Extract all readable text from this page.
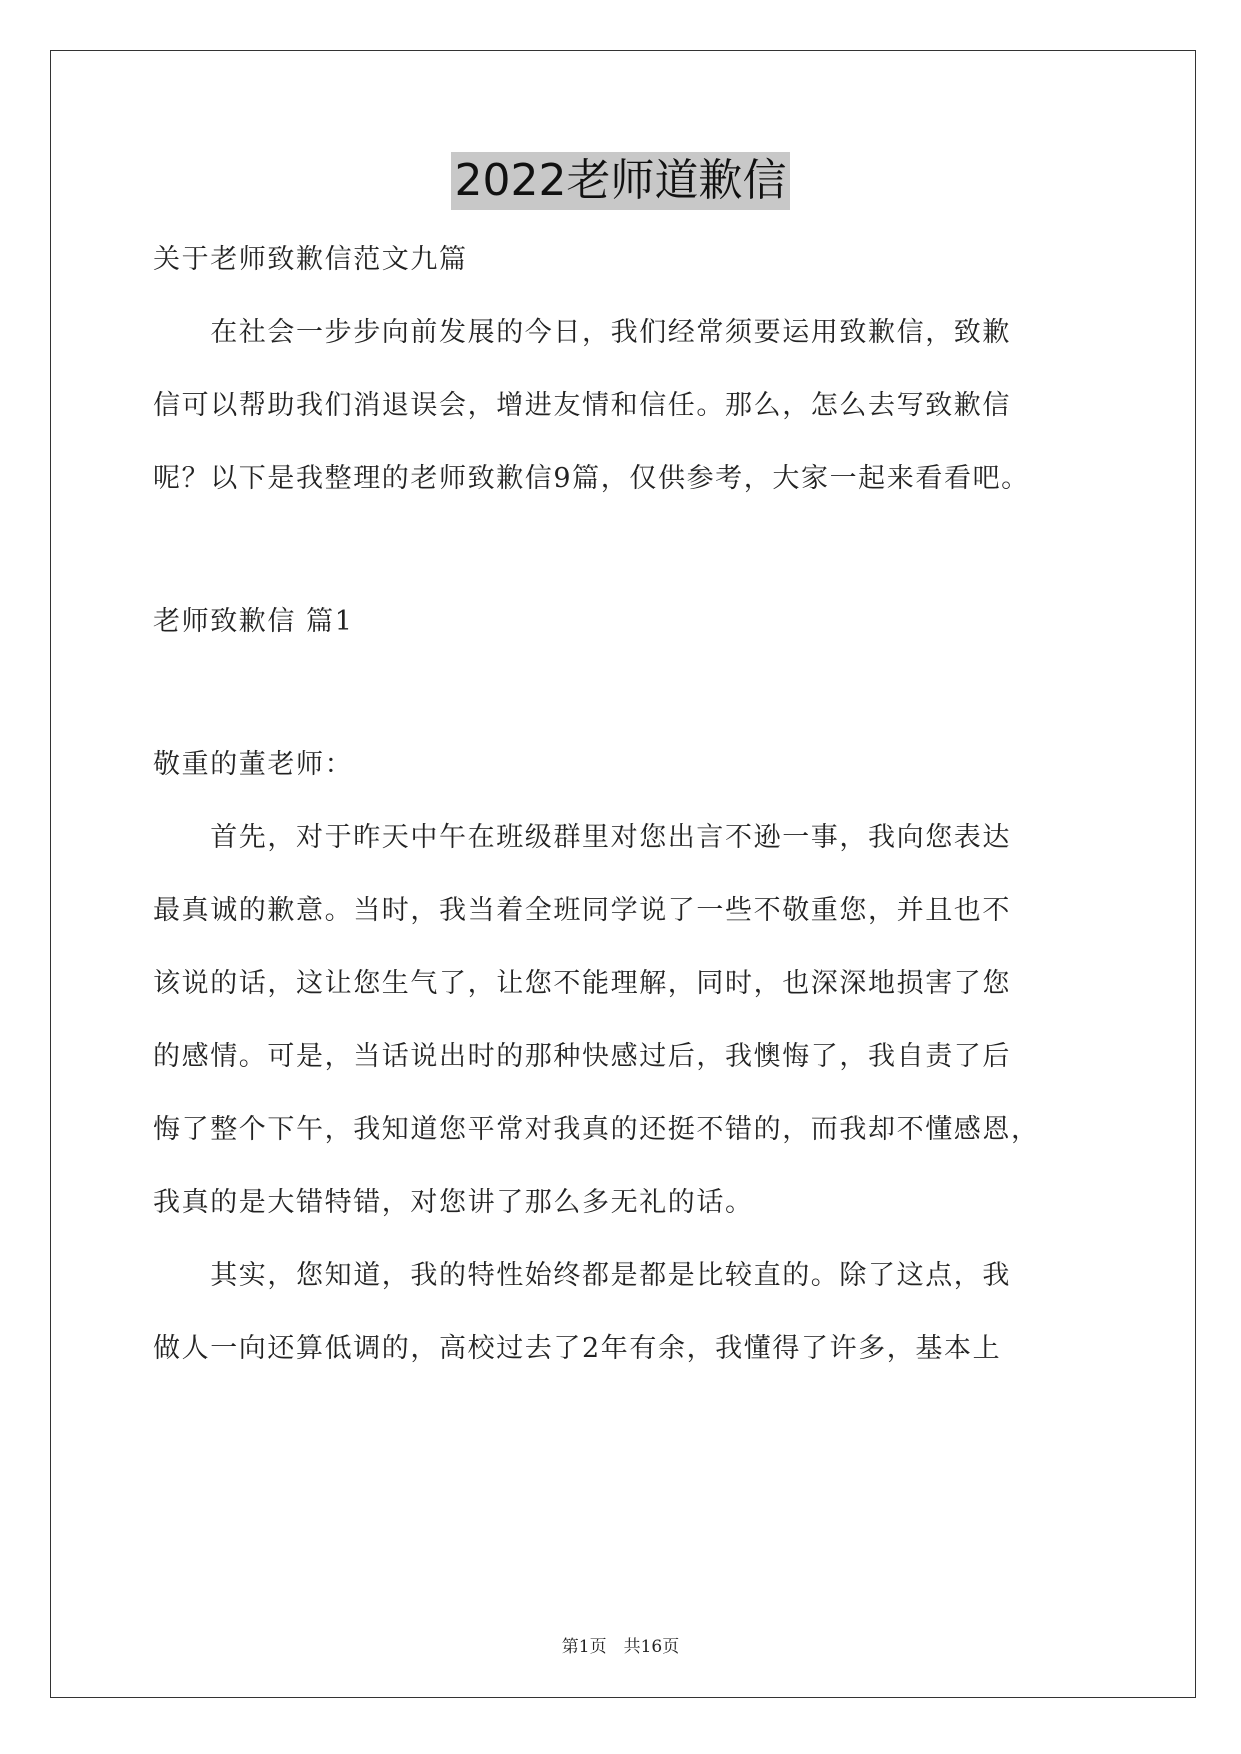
2022老师道歉信
关于老师致歉信范文九篇
　　在社会一步步向前发展的今日，我们经常须要运用致歉信，致歉
信可以帮助我们消退误会，增进友情和信任。那么，怎么去写致歉信
呢？以下是我整理的老师致歉信9篇，仅供参考，大家一起来看看吧。
老师致歉信 篇1
敬重的董老师：
　　首先，对于昨天中午在班级群里对您出言不逊一事，我向您表达
最真诚的歉意。当时，我当着全班同学说了一些不敬重您，并且也不
该说的话，这让您生气了，让您不能理解，同时，也深深地损害了您
的感情。可是，当话说出时的那种快感过后，我懊悔了，我自责了后
悔了整个下午，我知道您平常对我真的还挺不错的，而我却不懂感恩，
我真的是大错特错，对您讲了那么多无礼的话。
　　其实，您知道，我的特性始终都是都是比较直的。除了这点，我
做人一向还算低调的，高校过去了2年有余，我懂得了许多，基本上
第1页　共16页
